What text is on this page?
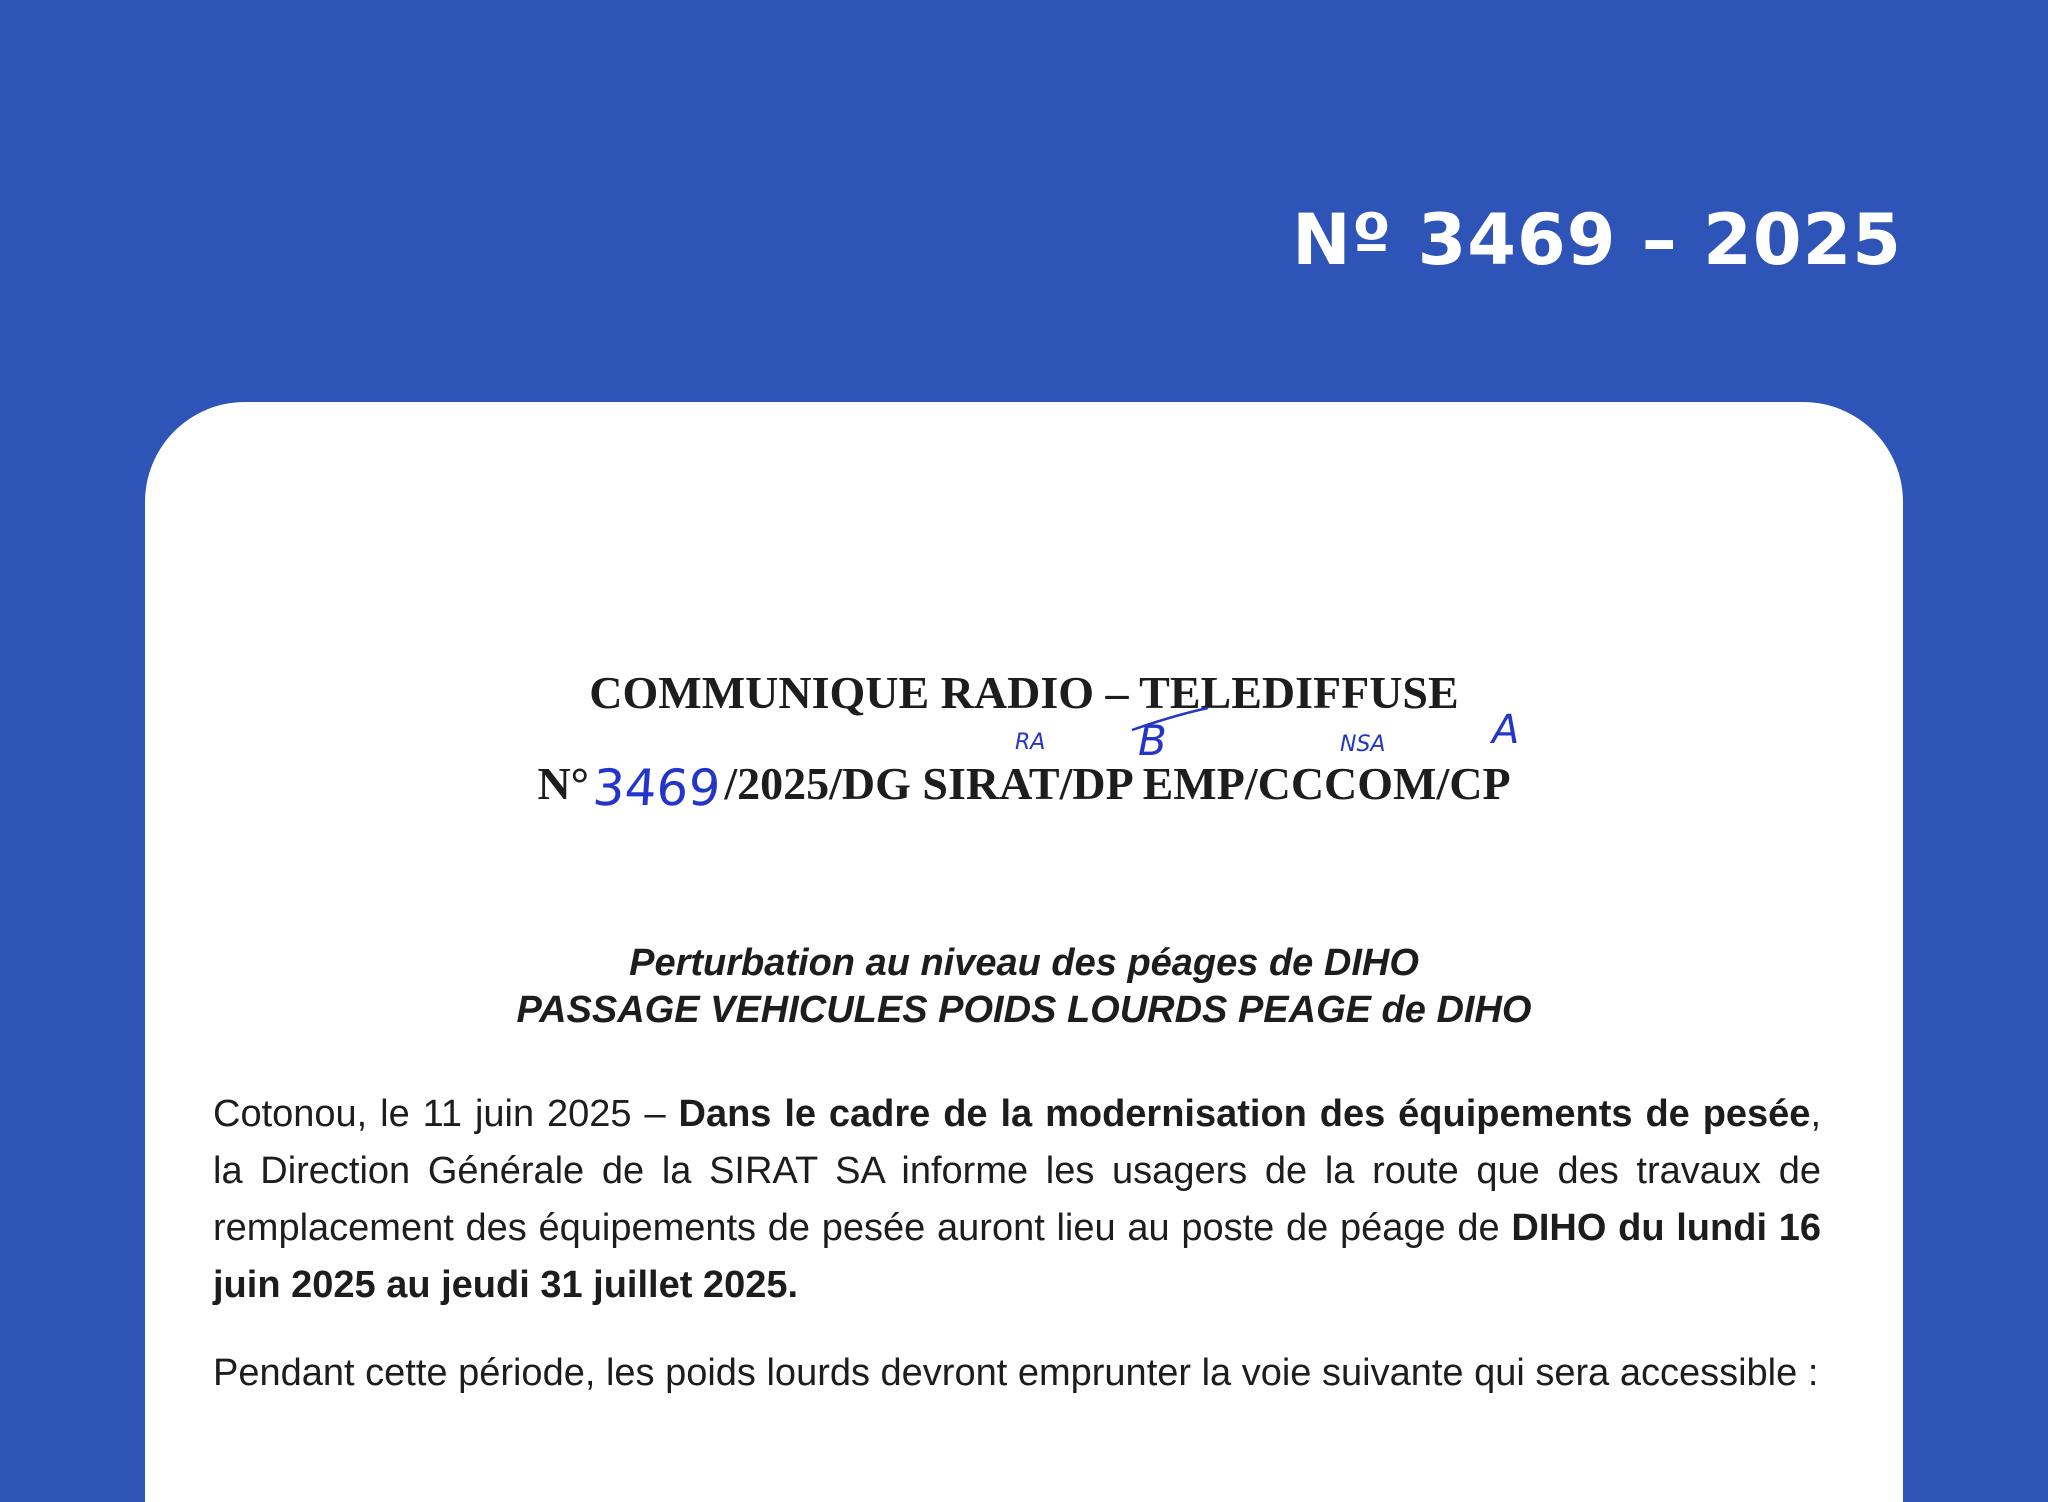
Nº 3469 – 2025
COMMUNIQUE RADIO – TELEDIFFUSE
N°3469/2025/DG SIRAT/DP EMP/CCCOM/CP
RA B	NSA	A
Perturbation au niveau des péages de DIHO
PASSAGE VEHICULES POIDS LOURDS PEAGE de DIHO
Cotonou, le 11 juin 2025 – Dans le cadre de la modernisation des équipements de pesée, la Direction Générale de la SIRAT SA informe les usagers de la route que des travaux de remplacement des équipements de pesée auront lieu au poste de péage de DIHO du lundi 16 juin 2025 au jeudi 31 juillet 2025.
Pendant cette période, les poids lourds devront emprunter la voie suivante qui sera accessible :
